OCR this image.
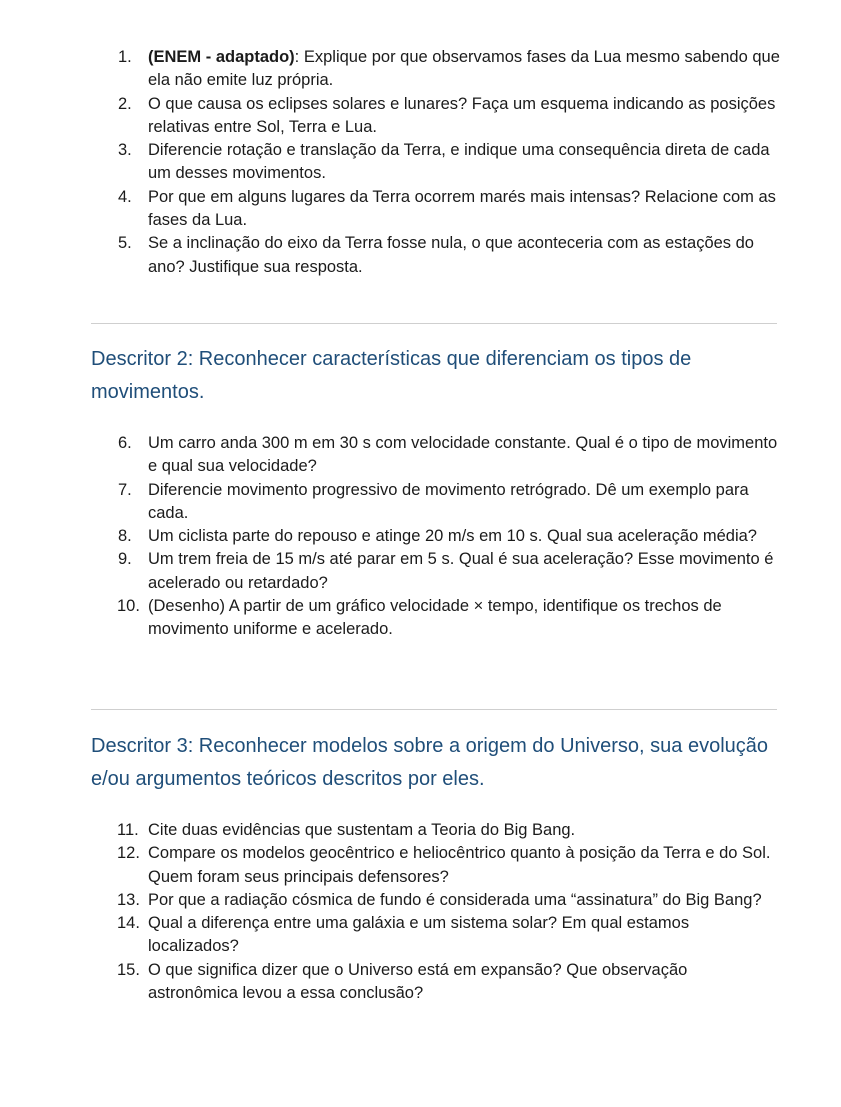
1. (ENEM - adaptado): Explique por que observamos fases da Lua mesmo sabendo que ela não emite luz própria.
2. O que causa os eclipses solares e lunares? Faça um esquema indicando as posições relativas entre Sol, Terra e Lua.
3. Diferencie rotação e translação da Terra, e indique uma consequência direta de cada um desses movimentos.
4. Por que em alguns lugares da Terra ocorrem marés mais intensas? Relacione com as fases da Lua.
5. Se a inclinação do eixo da Terra fosse nula, o que aconteceria com as estações do ano? Justifique sua resposta.
Descritor 2: Reconhecer características que diferenciam os tipos de movimentos.
6. Um carro anda 300 m em 30 s com velocidade constante. Qual é o tipo de movimento e qual sua velocidade?
7. Diferencie movimento progressivo de movimento retrógrado. Dê um exemplo para cada.
8. Um ciclista parte do repouso e atinge 20 m/s em 10 s. Qual sua aceleração média?
9. Um trem freia de 15 m/s até parar em 5 s. Qual é sua aceleração? Esse movimento é acelerado ou retardado?
10. (Desenho) A partir de um gráfico velocidade × tempo, identifique os trechos de movimento uniforme e acelerado.
Descritor 3: Reconhecer modelos sobre a origem do Universo, sua evolução e/ou argumentos teóricos descritos por eles.
11. Cite duas evidências que sustentam a Teoria do Big Bang.
12. Compare os modelos geocêntrico e heliocêntrico quanto à posição da Terra e do Sol. Quem foram seus principais defensores?
13. Por que a radiação cósmica de fundo é considerada uma “assinatura” do Big Bang?
14. Qual a diferença entre uma galáxia e um sistema solar? Em qual estamos localizados?
15. O que significa dizer que o Universo está em expansão? Que observação astronômica levou a essa conclusão?
